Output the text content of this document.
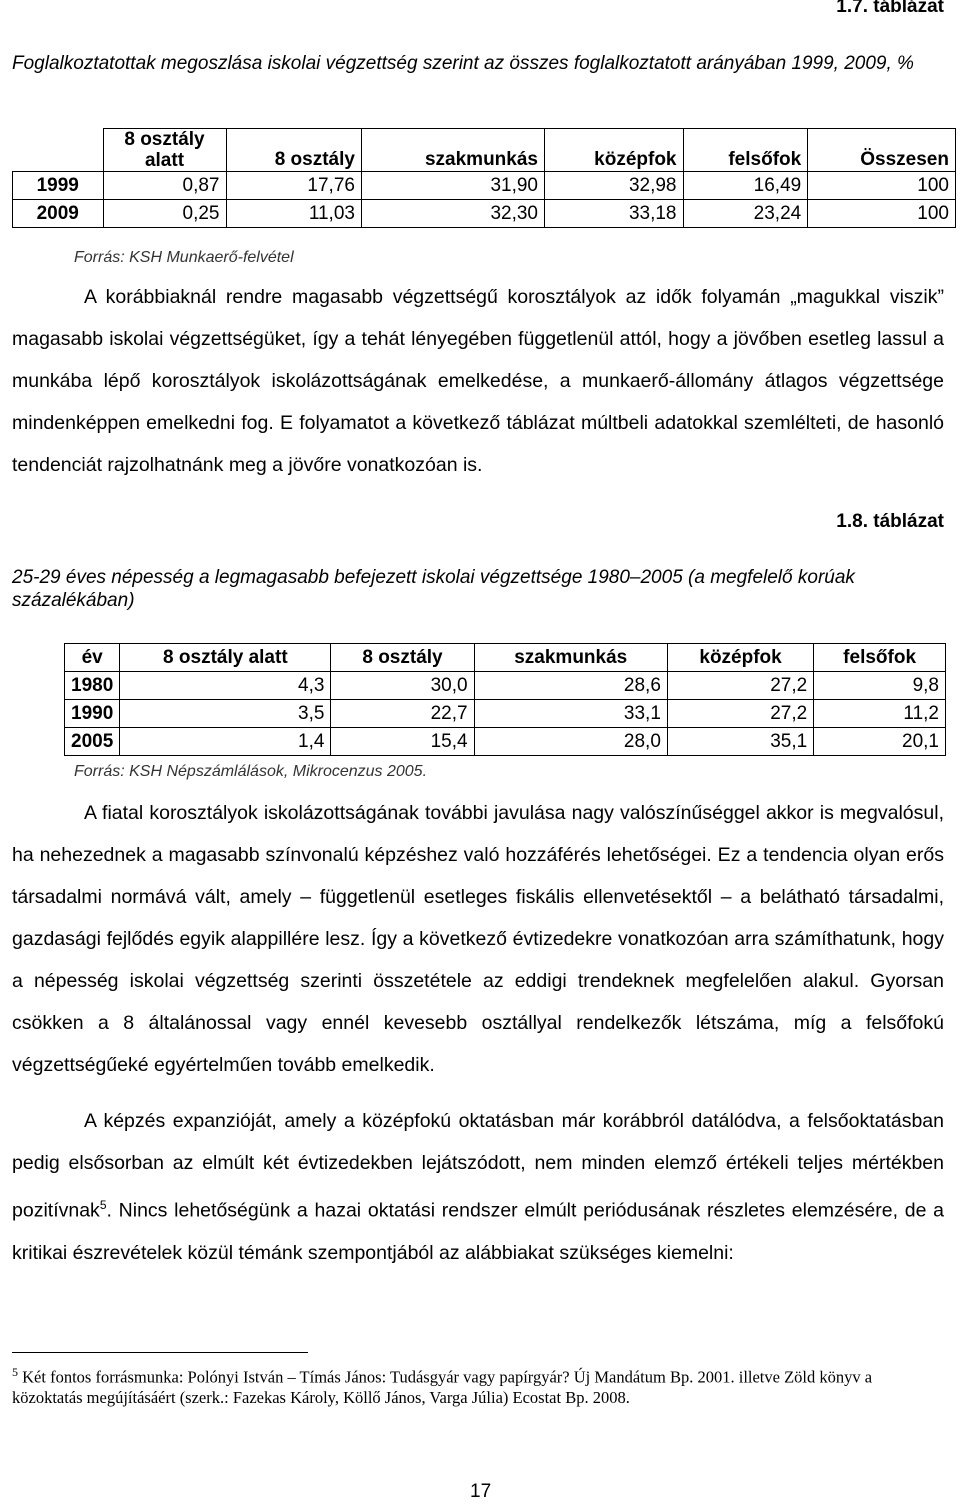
1.7. táblázat
Foglalkoztatottak megoszlása iskolai végzettség szerint az összes foglalkoztatott arányában 1999, 2009, %
	8 osztály alatt	8 osztály	szakmunkás	középfok	felsőfok	Összesen
1999	0,87	17,76	31,90	32,98	16,49	100
2009	0,25	11,03	32,30	33,18	23,24	100
Forrás: KSH Munkaerő-felvétel

A korábbiaknál rendre magasabb végzettségű korosztályok az idők folyamán „magukkal viszik” magasabb iskolai végzettségüket, így a tehát lényegében függetlenül attól, hogy a jövőben esetleg lassul a munkába lépő korosztályok iskolázottságának emelkedése, a munkaerő-állomány átlagos végzettsége mindenképpen emelkedni fog. E folyamatot a következő táblázat múltbeli adatokkal szemlélteti, de hasonló tendenciát rajzolhatnánk meg a jövőre vonatkozóan is.

1.8. táblázat
25-29 éves népesség a legmagasabb befejezett iskolai végzettsége 1980–2005 (a megfelelő korúak százalékában)
év	8 osztály alatt	8 osztály	szakmunkás	középfok	felsőfok
1980	4,3	30,0	28,6	27,2	9,8
1990	3,5	22,7	33,1	27,2	11,2
2005	1,4	15,4	28,0	35,1	20,1
Forrás: KSH Népszámlálások, Mikrocenzus 2005.

A fiatal korosztályok iskolázottságának további javulása nagy valószínűséggel akkor is megvalósul, ha nehezednek a magasabb színvonalú képzéshez való hozzáférés lehetőségei. Ez a tendencia olyan erős társadalmi normává vált, amely – függetlenül esetleges fiskális ellenvetésektől – a belátható társadalmi, gazdasági fejlődés egyik alappillére lesz. Így a következő évtizedekre vonatkozóan arra számíthatunk, hogy a népesség iskolai végzettség szerinti összetétele az eddigi trendeknek megfelelően alakul. Gyorsan csökken a 8 általánossal vagy ennél kevesebb osztállyal rendelkezők létszáma, míg a felsőfokú végzettségűeké egyértelműen tovább emelkedik.

A képzés expanzióját, amely a középfokú oktatásban már korábbról datálódva, a felsőoktatásban pedig elsősorban az elmúlt két évtizedekben lejátszódott, nem minden elemző értékeli teljes mértékben pozitívnak$^5$. Nincs lehetőségünk a hazai oktatási rendszer elmúlt periódusának részletes elemzésére, de a kritikai észrevételek közül témánk szempontjából az alábbiakat szükséges kiemelni:

$^5$ Két fontos forrásmunka: Polónyi István – Tímás János: Tudásgyár vagy papírgyár? Új Mandátum Bp. 2001. illetve Zöld könyv a közoktatás megújításáért (szerk.: Fazekas Károly, Köllő János, Varga Júlia) Ecostat Bp. 2008.
17
